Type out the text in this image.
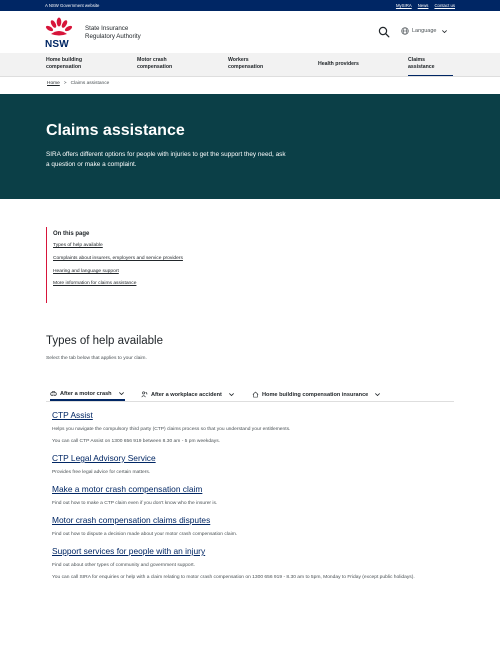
A NSW Government website	MySIRA News Contact us
NSW
State Insurance
Regulatory Authority
Language
Home building
compensation
Motor crash
compensation
Workers
compensation	Health providers
Claims
assistance
Home > Claims assistance
Claims assistance

SIRA offers different options for people with injuries to get the support they need, ask a question or make a complaint.

On this page
Types of help available
Complaints about insurers, employers and service providers
Hearing and language support
More information for claims assistance
Types of help available

Select the tab below that applies to your claim.

After a motor crash	After a workplace accident	Home building compensation insurance
CTP Assist

Helps you navigate the compulsory third party (CTP) claims process so that you understand your entitlements.

You can call CTP Assist on 1300 656 919 between 8.30 am - 5 pm weekdays.

CTP Legal Advisory Service

Provides free legal advice for certain matters.

Make a motor crash compensation claim

Find out how to make a CTP claim even if you don't know who the insurer is.

Motor crash compensation claims disputes

Find out how to dispute a decision made about your motor crash compensation claim.

Support services for people with an injury

Find out about other types of community and government support.

You can call SIRA for enquiries or help with a claim relating to motor crash compensation on 1300 656 919 - 8.30 am to 5pm, Monday to Friday (except public holidays).
